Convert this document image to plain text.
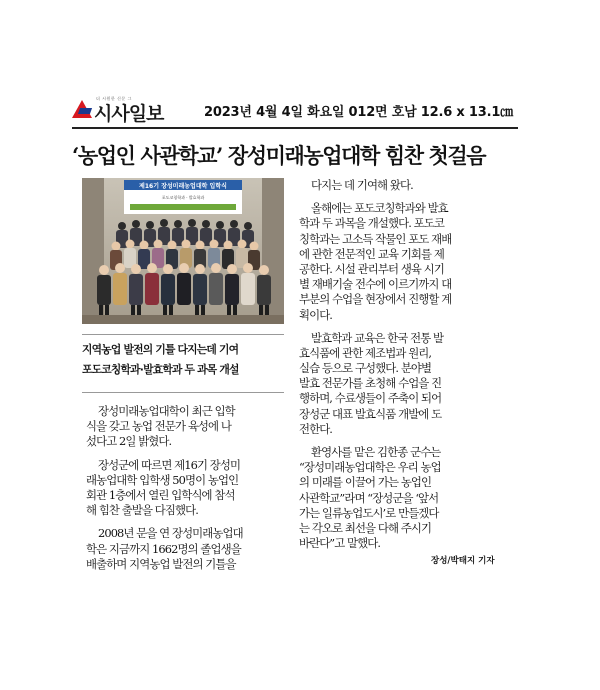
더 시원한 신문 그
시사일보	2023년 4월 4일 화요일 012면 호남 12.6 x 13.1㎝
‘농업인 사관학교’ 장성미래농업대학 힘찬 첫걸음
제16기 장성미래농업대학 입학식
포도코칭학과 · 발효학과
지역농업 발전의 기틀 다지는데 기여
포도코칭학과·발효학과 두 과목 개설
장성미래농업대학이 최근 입학
식을 갖고 농업 전문가 육성에 나
섰다고 2일 밝혔다.
장성군에 따르면 제16기 장성미
래농업대학 입학생 50명이 농업인
회관 1층에서 열린 입학식에 참석
해 힘찬 출발을 다짐했다.
2008년 문을 연 장성미래농업대
학은 지금까지 1662명의 졸업생을
배출하며 지역농업 발전의 기틀을
다지는 데 기여해 왔다.
올해에는 포도코칭학과와 발효
학과 두 과목을 개설했다. 포도코
칭학과는 고소득 작물인 포도 재배
에 관한 전문적인 교육 기회를 제
공한다. 시설 관리부터 생육 시기
별 재배기술 전수에 이르기까지 대
부분의 수업을 현장에서 진행할 계
획이다.
발효학과 교육은 한국 전통 발
효식품에 관한 제조법과 원리,
실습 등으로 구성했다. 분야별
발효 전문가를 초청해 수업을 진
행하며, 수료생들이 주축이 되어
장성군 대표 발효식품 개발에 도
전한다.
환영사를 맡은 김한종 군수는
“장성미래농업대학은 우리 농업
의 미래를 이끌어 가는 농업인
사관학교”라며 “장성군을 ‘앞서
가는 일류농업도시’로 만들겠다
는 각오로 최선을 다해 주시기
바란다”고 말했다.
장성/박태지 기자
